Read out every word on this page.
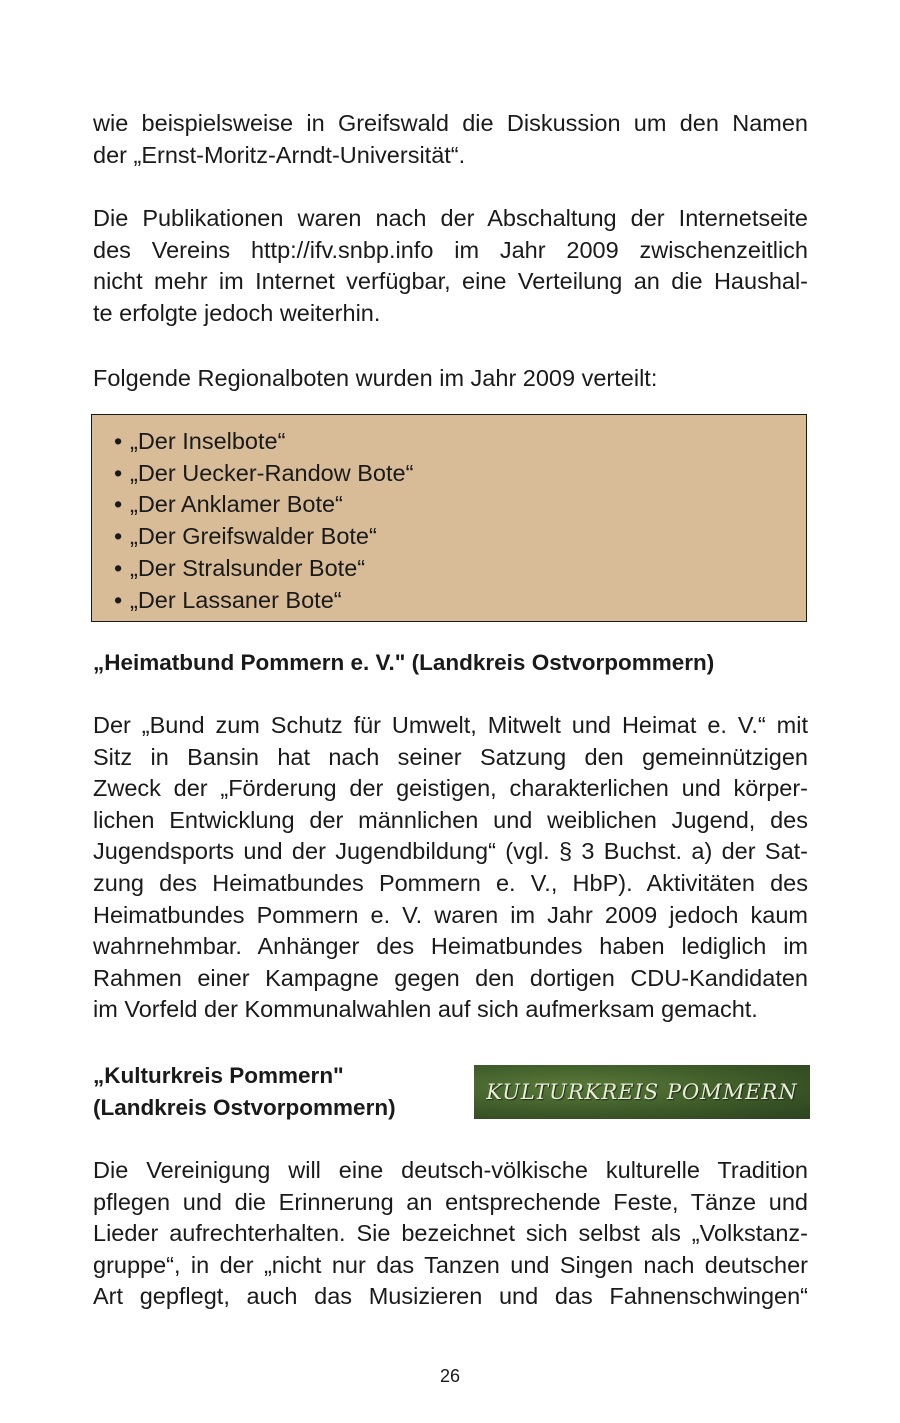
wie beispielsweise in Greifswald die Diskussion um den Namen
der „Ernst-Moritz-Arndt-Universität“.

Die Publikationen waren nach der Abschaltung der Internetseite
des Vereins http://ifv.snbp.info im Jahr 2009 zwischenzeitlich
nicht mehr im Internet verfügbar, eine Verteilung an die Haushal-
te erfolgte jedoch weiterhin.

Folgende Regionalboten wurden im Jahr 2009 verteilt:

• „Der Inselbote“
• „Der Uecker-Randow Bote“
• „Der Anklamer Bote“
• „Der Greifswalder Bote“
• „Der Stralsunder Bote“
• „Der Lassaner Bote“
„Heimatbund Pommern e. V." (Landkreis Ostvorpommern)

Der „Bund zum Schutz für Umwelt, Mitwelt und Heimat e. V.“ mit
Sitz in Bansin hat nach seiner Satzung den gemeinnützigen
Zweck der „Förderung der geistigen, charakterlichen und körper-
lichen Entwicklung der männlichen und weiblichen Jugend, des
Jugendsports und der Jugendbildung“ (vgl. § 3 Buchst. a) der Sat-
zung des Heimatbundes Pommern e. V., HbP). Aktivitäten des
Heimatbundes Pommern e. V. waren im Jahr 2009 jedoch kaum
wahrnehmbar. Anhänger des Heimatbundes haben lediglich im
Rahmen einer Kampagne gegen den dortigen CDU-Kandidaten
im Vorfeld der Kommunalwahlen auf sich aufmerksam gemacht.

„Kulturkreis Pommern"
(Landkreis Ostvorpommern)
KULTURKREIS POMMERN

Die Vereinigung will eine deutsch-völkische kulturelle Tradition
pflegen und die Erinnerung an entsprechende Feste, Tänze und
Lieder aufrechterhalten. Sie bezeichnet sich selbst als „Volkstanz-
gruppe“, in der „nicht nur das Tanzen und Singen nach deutscher
Art gepflegt, auch das Musizieren und das Fahnenschwingen“

26
